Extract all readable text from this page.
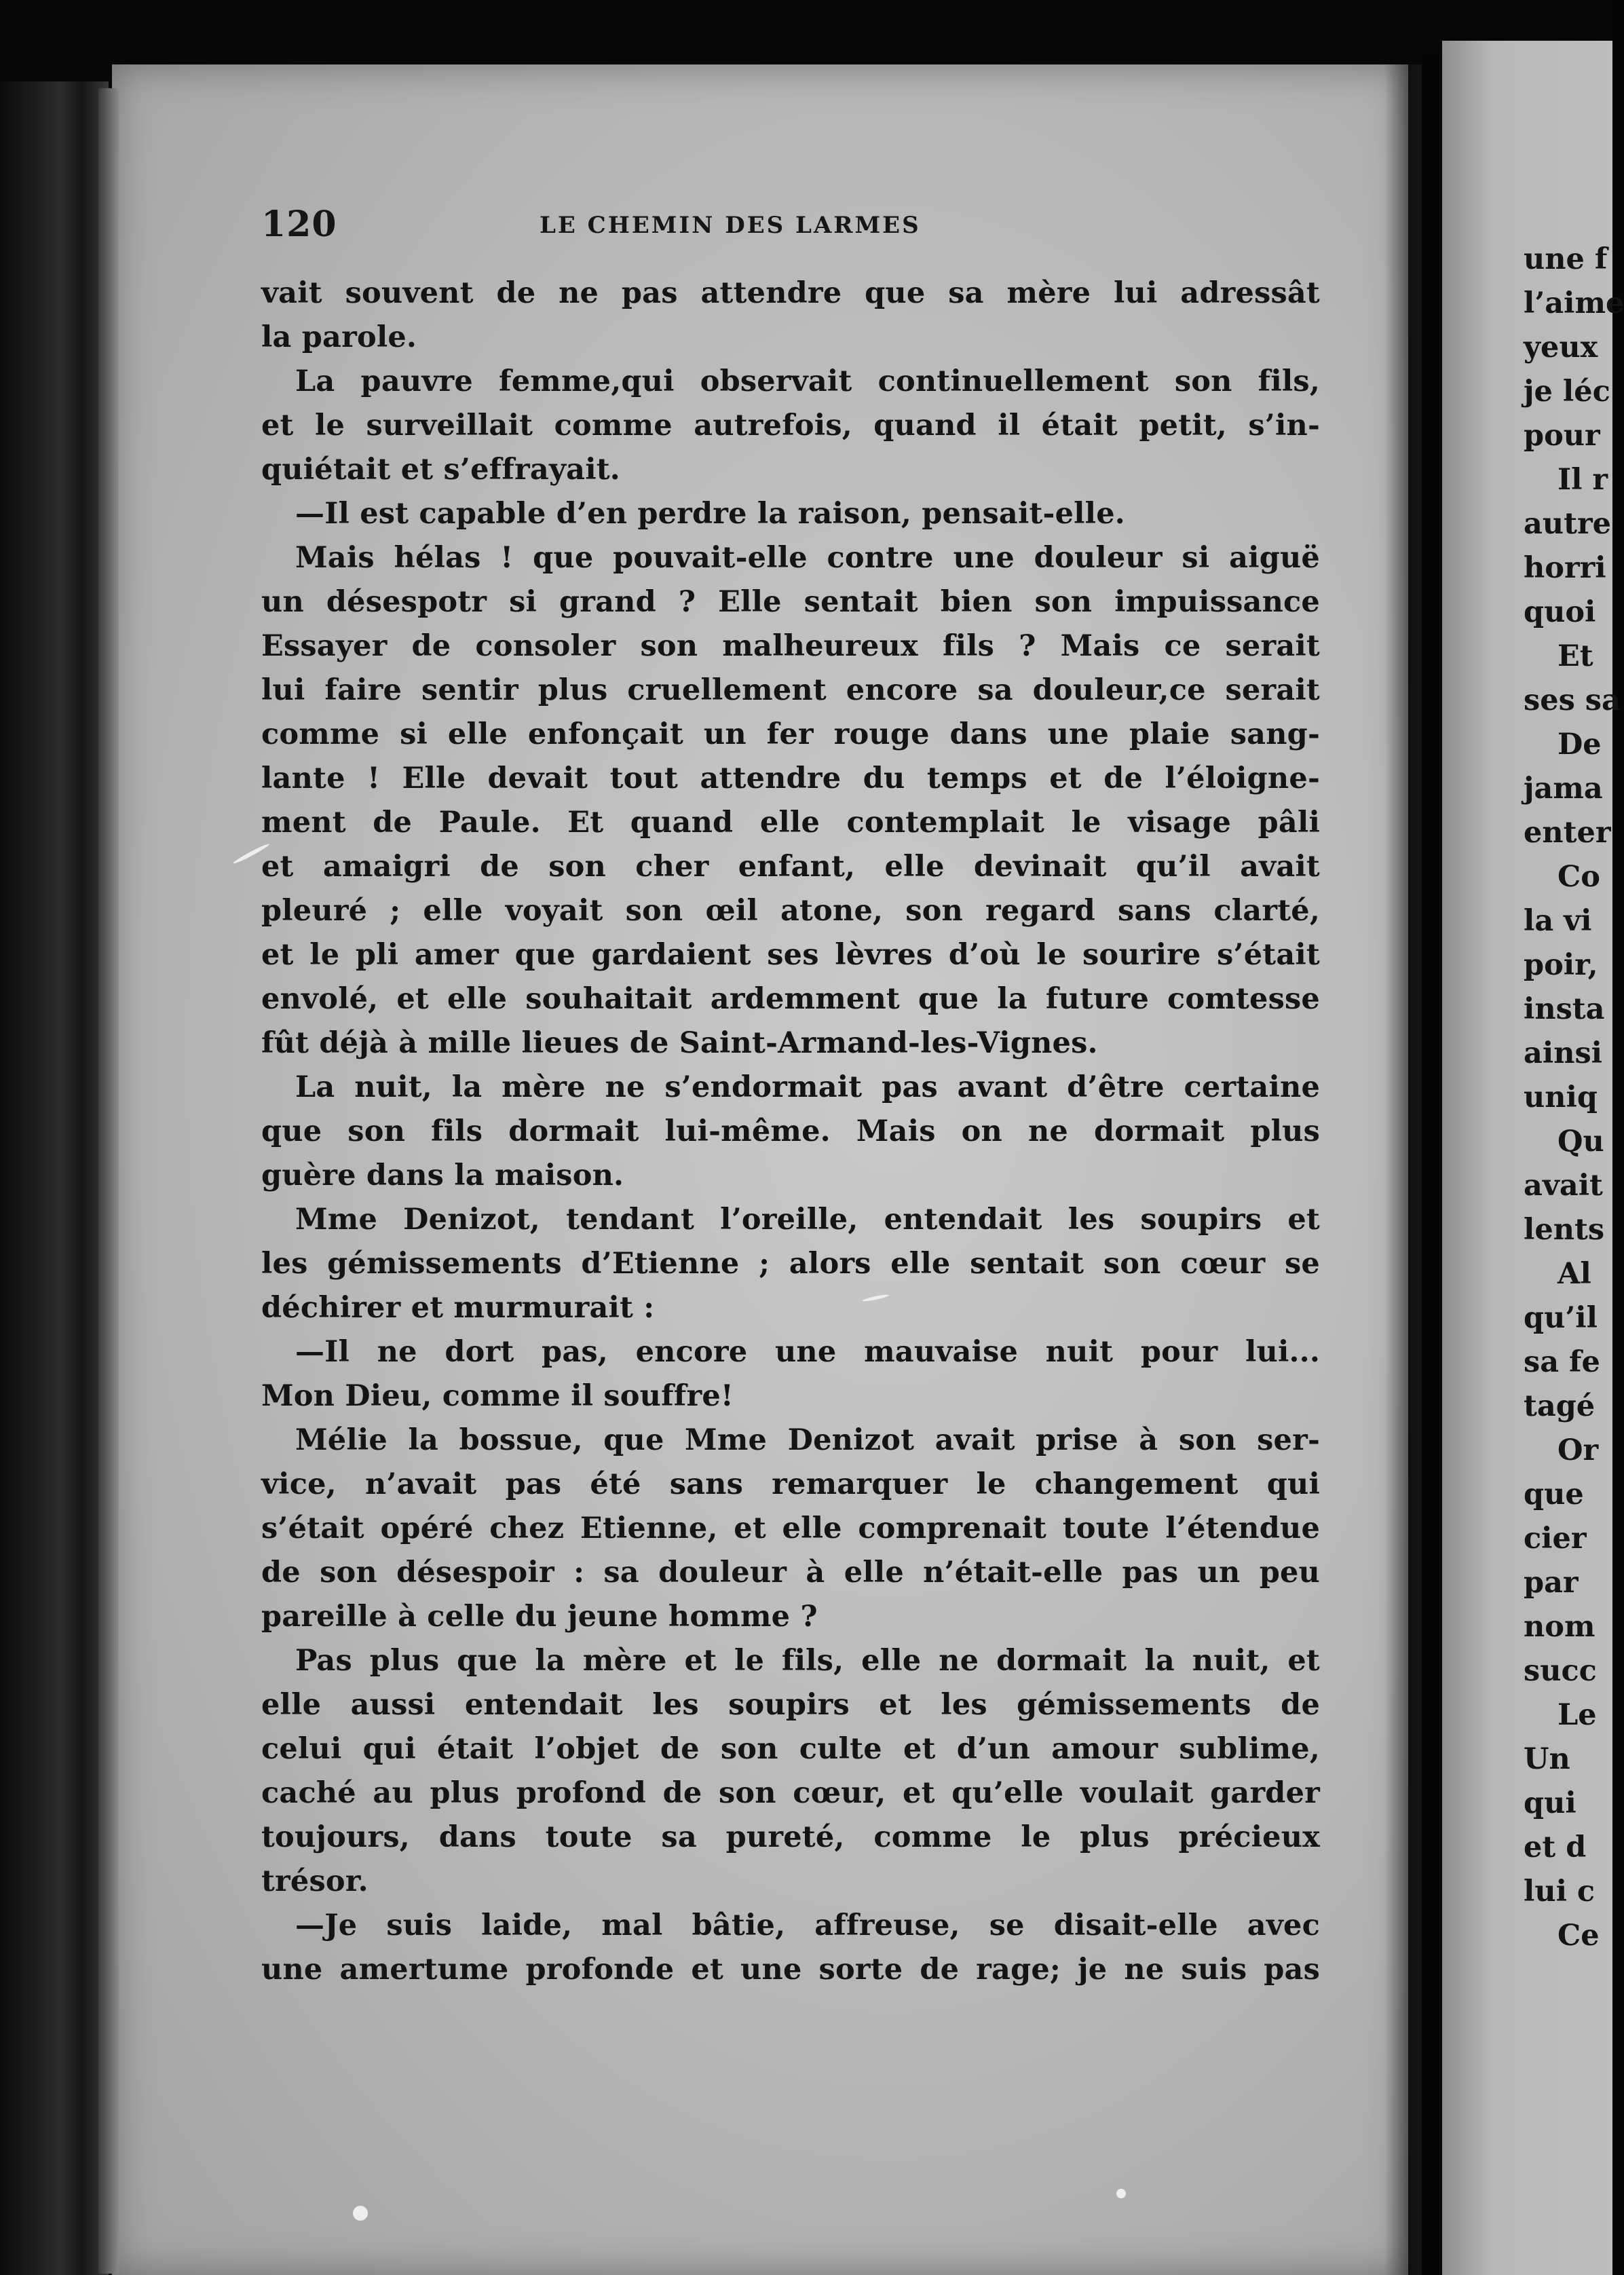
120	LE CHEMIN DES LARMES
vait souvent de ne pas attendre que sa mère lui adressât
la parole.
La pauvre femme,qui observait continuellement son fils,
et le surveillait comme autrefois, quand il était petit, s’in-
quiétait et s’effrayait.
—Il est capable d’en perdre la raison, pensait-elle.
Mais hélas ! que pouvait-elle contre une douleur si aiguë
un désespotr si grand ? Elle sentait bien son impuissance
Essayer de consoler son malheureux fils ? Mais ce serait
lui faire sentir plus cruellement encore sa douleur,ce serait
comme si elle enfonçait un fer rouge dans une plaie sang-
lante ! Elle devait tout attendre du temps et de l’éloigne-
ment de Paule. Et quand elle contemplait le visage pâli
et amaigri de son cher enfant, elle devinait qu’il avait
pleuré ; elle voyait son œil atone, son regard sans clarté,
et le pli amer que gardaient ses lèvres d’où le sourire s’était
envolé, et elle souhaitait ardemment que la future comtesse
fût déjà à mille lieues de Saint-Armand-les-Vignes.
La nuit, la mère ne s’endormait pas avant d’être certaine
que son fils dormait lui-même. Mais on ne dormait plus
guère dans la maison.
Mme Denizot, tendant l’oreille, entendait les soupirs et
les gémissements d’Etienne ; alors elle sentait son cœur se
déchirer et murmurait :
—Il ne dort pas, encore une mauvaise nuit pour lui...
Mon Dieu, comme il souffre!
Mélie la bossue, que Mme Denizot avait prise à son ser-
vice, n’avait pas été sans remarquer le changement qui
s’était opéré chez Etienne, et elle comprenait toute l’étendue
de son désespoir : sa douleur à elle n’était-elle pas un peu
pareille à celle du jeune homme ?
Pas plus que la mère et le fils, elle ne dormait la nuit, et
elle aussi entendait les soupirs et les gémissements de
celui qui était l’objet de son culte et d’un amour sublime,
caché au plus profond de son cœur, et qu’elle voulait garder
toujours, dans toute sa pureté, comme le plus précieux
trésor.
—Je suis laide, mal bâtie, affreuse, se disait-elle avec
une amertume profonde et une sorte de rage; je ne suis pas
une f
l’aime
yeux
je léc
pour
Il r
autre
horri
quoi
Et
ses sa
De
jama
enter
Co
la vi
poir,
insta
ainsi
uniq
Qu
avait
lents
Al
qu’il
sa fe
tagé
Or
que
cier
par
nom
succ
Le
Un
qui
et d
lui c
Ce
